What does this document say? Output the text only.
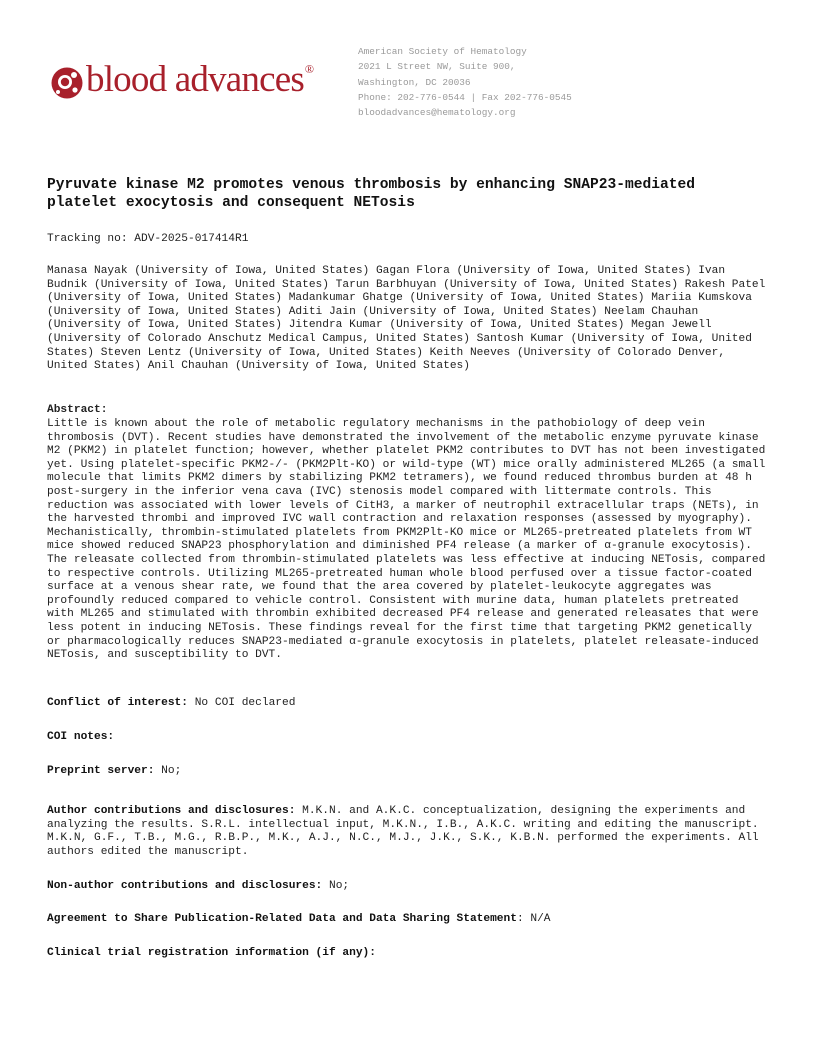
blood advances®
American Society of Hematology
2021 L Street NW, Suite 900,
Washington, DC 20036
Phone: 202-776-0544 | Fax 202-776-0545
bloodadvances@hematology.org
Pyruvate kinase M2 promotes venous thrombosis by enhancing SNAP23-mediated platelet exocytosis and consequent NETosis
Tracking no: ADV-2025-017414R1
Manasa Nayak (University of Iowa, United States) Gagan Flora (University of Iowa, United States) Ivan Budnik (University of Iowa, United States) Tarun Barbhuyan (University of Iowa, United States) Rakesh Patel (University of Iowa, United States) Madankumar Ghatge (University of Iowa, United States) Mariia Kumskova (University of Iowa, United States) Aditi Jain (University of Iowa, United States) Neelam Chauhan (University of Iowa, United States) Jitendra Kumar (University of Iowa, United States) Megan Jewell (University of Colorado Anschutz Medical Campus, United States) Santosh Kumar (University of Iowa, United States) Steven Lentz (University of Iowa, United States) Keith Neeves (University of Colorado Denver, United States) Anil Chauhan (University of Iowa, United States)
Abstract:
Little is known about the role of metabolic regulatory mechanisms in the pathobiology of deep vein thrombosis (DVT). Recent studies have demonstrated the involvement of the metabolic enzyme pyruvate kinase M2 (PKM2) in platelet function; however, whether platelet PKM2 contributes to DVT has not been investigated yet. Using platelet-specific PKM2-/- (PKM2Plt-KO) or wild-type (WT) mice orally administered ML265 (a small molecule that limits PKM2 dimers by stabilizing PKM2 tetramers), we found reduced thrombus burden at 48 h post-surgery in the inferior vena cava (IVC) stenosis model compared with littermate controls. This reduction was associated with lower levels of CitH3, a marker of neutrophil extracellular traps (NETs), in the harvested thrombi and improved IVC wall contraction and relaxation responses (assessed by myography). Mechanistically, thrombin-stimulated platelets from PKM2Plt-KO mice or ML265-pretreated platelets from WT mice showed reduced SNAP23 phosphorylation and diminished PF4 release (a marker of α-granule exocytosis). The releasate collected from thrombin-stimulated platelets was less effective at inducing NETosis, compared to respective controls. Utilizing ML265-pretreated human whole blood perfused over a tissue factor-coated surface at a venous shear rate, we found that the area covered by platelet-leukocyte aggregates was profoundly reduced compared to vehicle control. Consistent with murine data, human platelets pretreated with ML265 and stimulated with thrombin exhibited decreased PF4 release and generated releasates that were less potent in inducing NETosis. These findings reveal for the first time that targeting PKM2 genetically or pharmacologically reduces SNAP23-mediated α-granule exocytosis in platelets, platelet releasate-induced NETosis, and susceptibility to DVT.
Conflict of interest: No COI declared
COI notes:
Preprint server: No;
Author contributions and disclosures: M.K.N. and A.K.C. conceptualization, designing the experiments and analyzing the results. S.R.L. intellectual input, M.K.N., I.B., A.K.C. writing and editing the manuscript. M.K.N, G.F., T.B., M.G., R.B.P., M.K., A.J., N.C., M.J., J.K., S.K., K.B.N. performed the experiments. All authors edited the manuscript.
Non-author contributions and disclosures: No;
Agreement to Share Publication-Related Data and Data Sharing Statement: N/A
Clinical trial registration information (if any):
